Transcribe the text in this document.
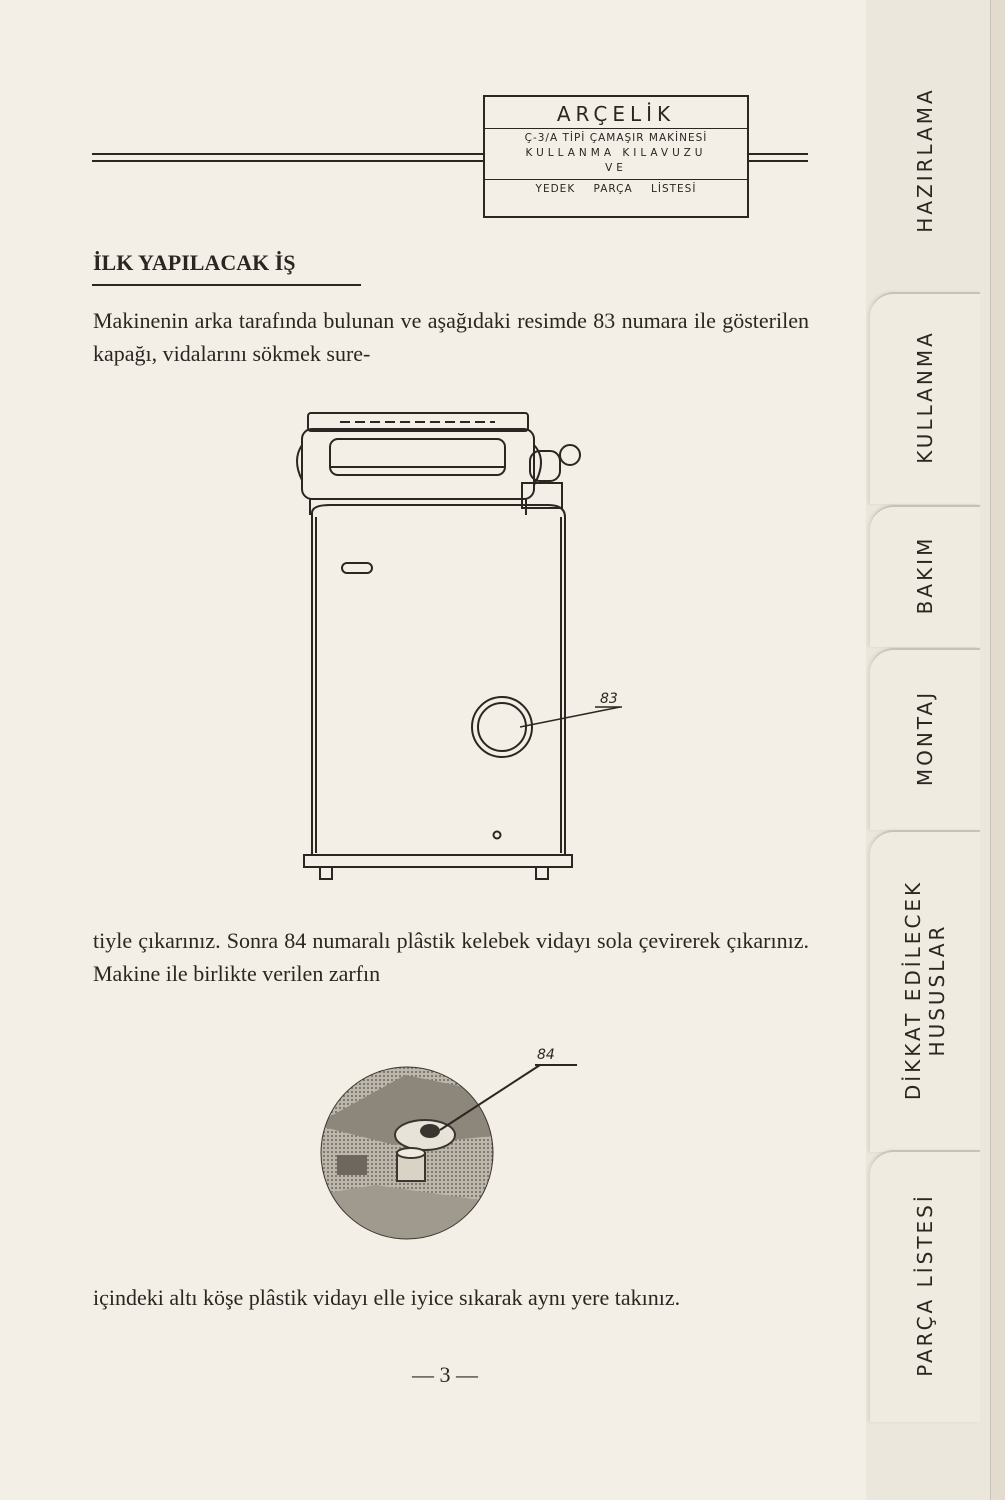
ARÇELİK
Ç-3/A TİPİ ÇAMAŞIR MAKİNESİ
KULLANMA KILAVUZU
VE
YEDEK PARÇA LİSTESİ
İLK YAPILACAK İŞ
Makinenin arka tarafında bulunan ve aşağıdaki resimde 83 numara ile gösterilen kapağı, vidalarını sökmek sure-
83
tiyle çıkarınız. Sonra 84 numaralı plâstik kelebek vidayı sola çevirerek çıkarınız. Makine ile birlikte verilen zarfın
84
içindeki altı köşe plâstik vidayı elle iyice sıkarak aynı yere takınız.
— 3 —
HAZIRLAMA
KULLANMA
BAKIM
MONTAJ
DİKKAT EDİLECEK HUSUSLAR
PARÇA LİSTESİ
